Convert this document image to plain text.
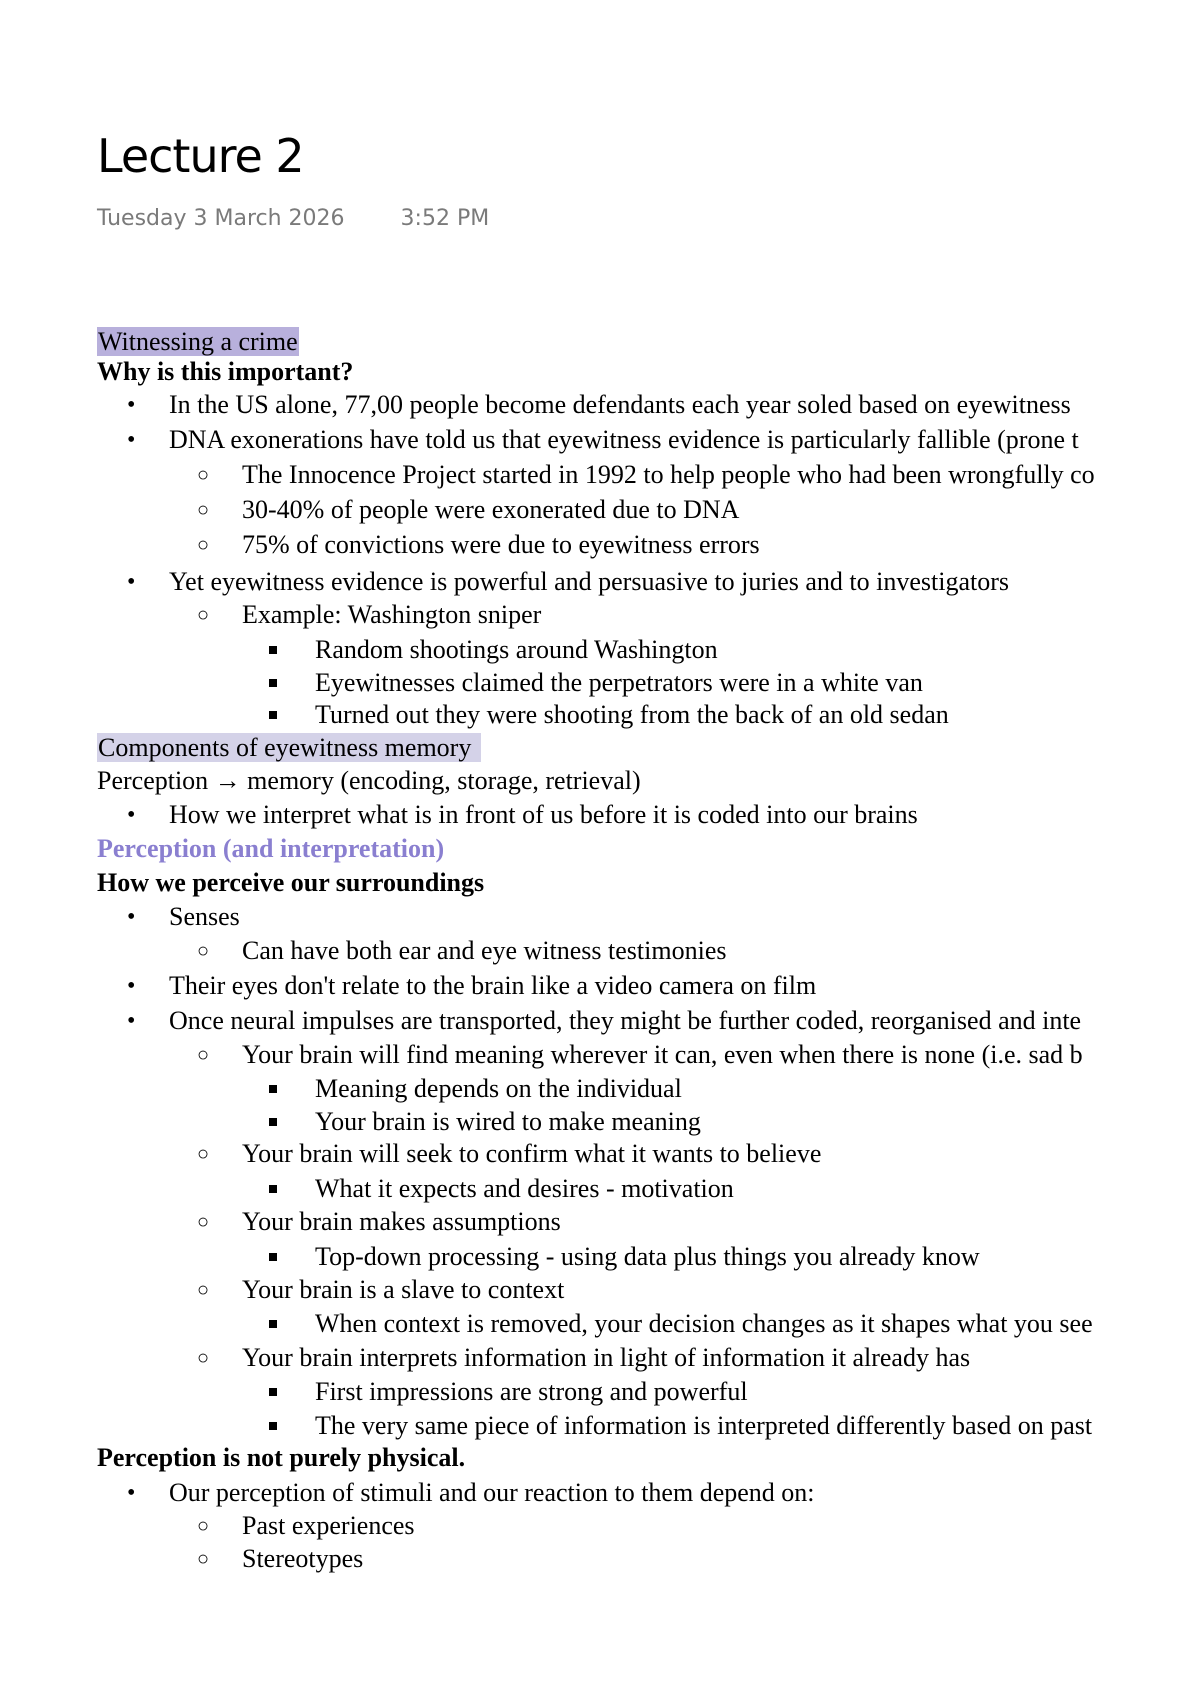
Lecture 2
Tuesday 3 March 2026	3:52 PM
Witnessing a crime
Why is this important?
• In the US alone, 77,00 people become defendants each year soled based on eyewitness
• DNA exonerations have told us that eyewitness evidence is particularly fallible (prone t
○ The Innocence Project started in 1992 to help people who had been wrongfully co
○ 30-40% of people were exonerated due to DNA
○ 75% of convictions were due to eyewitness errors
• Yet eyewitness evidence is powerful and persuasive to juries and to investigators
○ Example: Washington sniper
Random shootings around Washington
Eyewitnesses claimed the perpetrators were in a white van
Turned out they were shooting from the back of an old sedan
Components of eyewitness memory
Perception → memory (encoding, storage, retrieval)
• How we interpret what is in front of us before it is coded into our brains
Perception (and interpretation)
How we perceive our surroundings
• Senses
○ Can have both ear and eye witness testimonies
• Their eyes don't relate to the brain like a video camera on film
• Once neural impulses are transported, they might be further coded, reorganised and inte
○ Your brain will find meaning wherever it can, even when there is none (i.e. sad b
Meaning depends on the individual
Your brain is wired to make meaning
○ Your brain will seek to confirm what it wants to believe
What it expects and desires - motivation
○ Your brain makes assumptions
Top-down processing - using data plus things you already know
○ Your brain is a slave to context
When context is removed, your decision changes as it shapes what you see
○ Your brain interprets information in light of information it already has
First impressions are strong and powerful
The very same piece of information is interpreted differently based on past
Perception is not purely physical.
• Our perception of stimuli and our reaction to them depend on:
○ Past experiences
○ Stereotypes
